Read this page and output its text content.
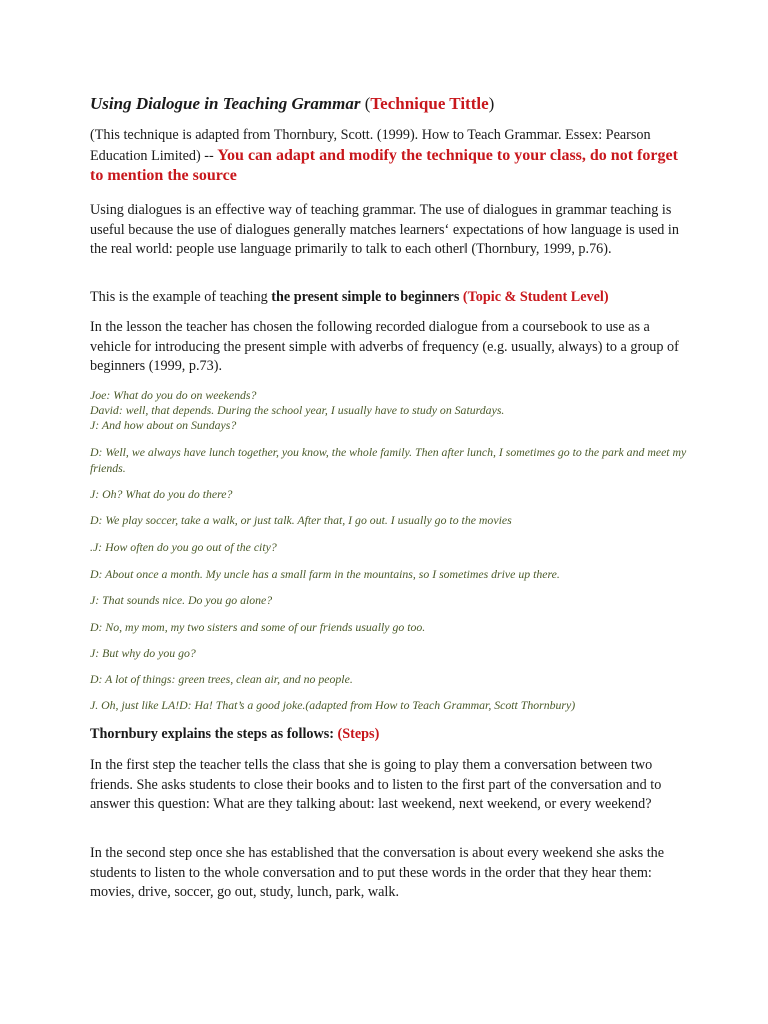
Using Dialogue in Teaching Grammar (Technique Tittle)

(This technique is adapted from Thornbury, Scott. (1999). How to Teach Grammar. Essex: Pearson Education Limited) -- You can adapt and modify the technique to your class, do not forget to mention the source

Using dialogues is an effective way of teaching grammar. The use of dialogues in grammar teaching is useful because the use of dialogues generally matches learners‘ expectations of how language is used in the real world: people use language primarily to talk to each other‖ (Thornbury, 1999, p.76).

This is the example of teaching the present simple to beginners (Topic & Student Level)

In the lesson the teacher has chosen the following recorded dialogue from a coursebook to use as a vehicle for introducing the present simple with adverbs of frequency (e.g. usually, always) to a group of beginners (1999, p.73).

Joe: What do you do on weekends?

David: well, that depends. During the school year, I usually have to study on Saturdays.

J: And how about on Sundays?

D: Well, we always have lunch together, you know, the whole family. Then after lunch, I sometimes go to the park and meet my friends.

J: Oh? What do you do there?

D: We play soccer, take a walk, or just talk. After that, I go out. I usually go to the movies

.J: How often do you go out of the city?

D: About once a month. My uncle has a small farm in the mountains, so I sometimes drive up there.

J: That sounds nice. Do you go alone?

D: No, my mom, my two sisters and some of our friends usually go too.

J: But why do you go?

D: A lot of things: green trees, clean air, and no people.

J. Oh, just like LA!D: Ha! That’s a good joke.(adapted from How to Teach Grammar, Scott Thornbury)

Thornbury explains the steps as follows: (Steps)

In the first step the teacher tells the class that she is going to play them a conversation between two friends. She asks students to close their books and to listen to the first part of the conversation and to answer this question: What are they talking about: last weekend, next weekend, or every weekend?

In the second step once she has established that the conversation is about every weekend she asks the students to listen to the whole conversation and to put these words in the order that they hear them: movies, drive, soccer, go out, study, lunch, park, walk.
